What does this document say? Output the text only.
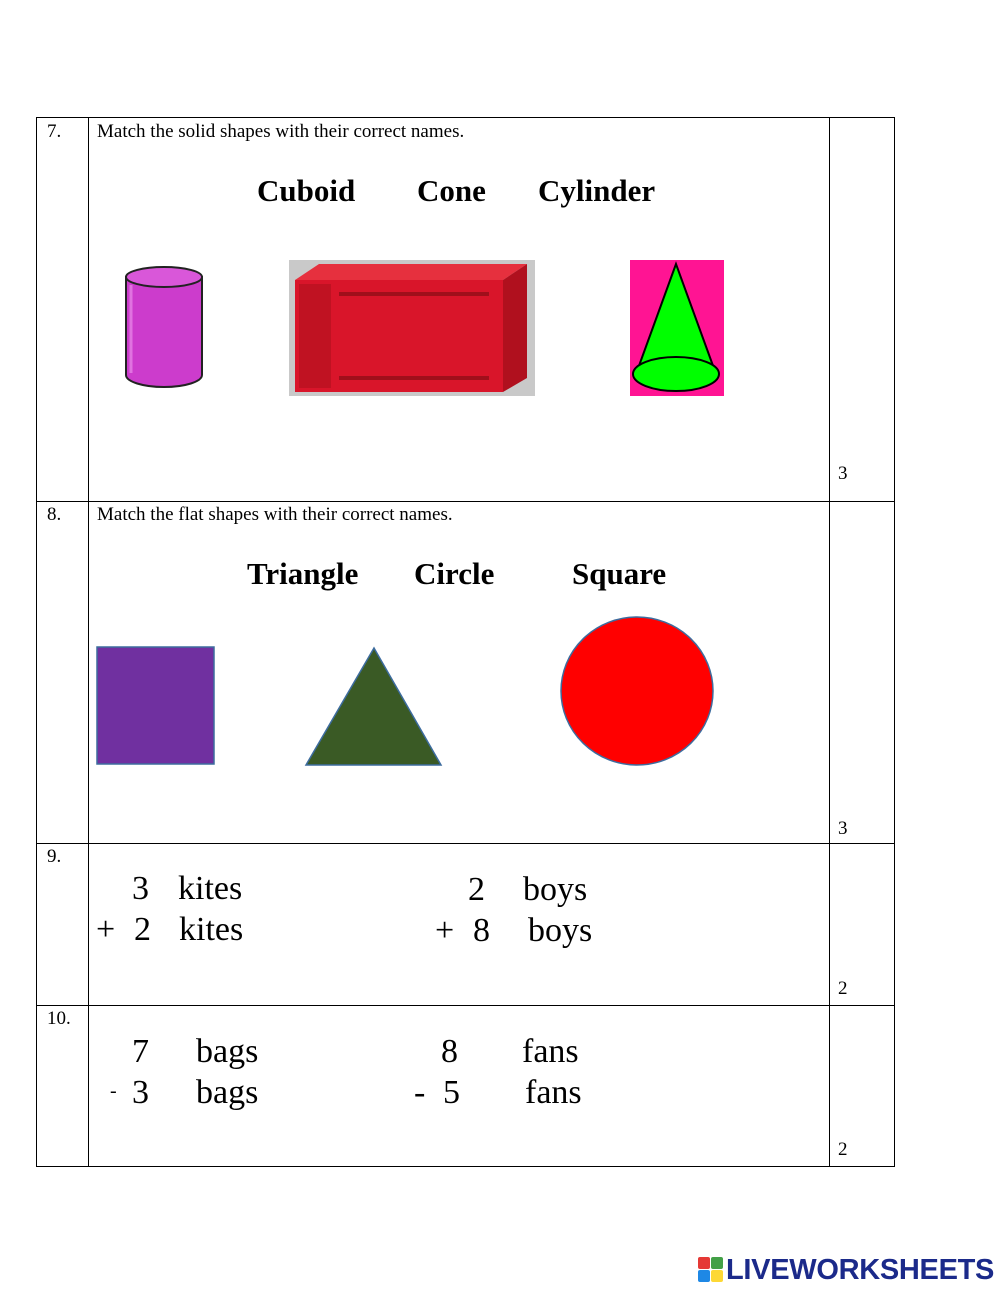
7. Match the solid shapes with their correct names.
Cuboid Cone Cylinder
3
8. Match the flat shapes with their correct names.
Triangle Circle	Square
3
9.
3 kites
+ 2 kites
2 boys
+ 8 boys
2
10.
7 bags
- 3 bags
8 fans
- 5 fans
2
LIVEWORKSHEETS
